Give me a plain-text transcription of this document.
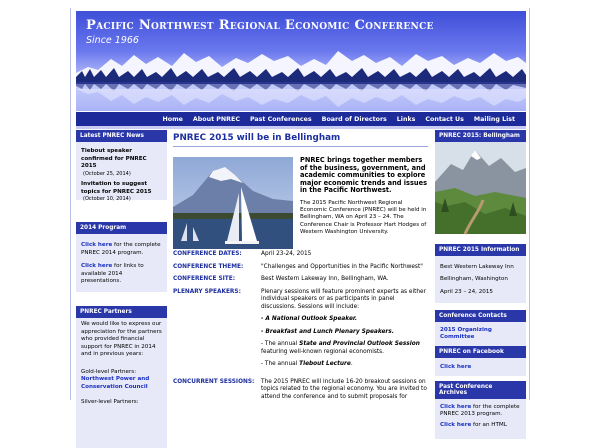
Pacific Northwest Regional Economic Conference
Since 1966
Home	About PNREC	Past Conferences	Board of Directors	Links	Contact Us	Mailing List
Latest PNREC News
Tiebout speaker confirmed for PNREC 2015
(October 25, 2014)
Invitation to suggest topics for PNREC 2015
(October 10, 2014)
2014 Program
Click here for the complete PNREC 2014 program.
Click here for links to available 2014 presentations.
PNREC Partners
We would like to express our appreciation for the partners who provided financial support for PNREC in 2014 and in previous years:
Gold-level Partners:
Northwest Power and Conservation Council
Silver-level Partners:
PNREC 2015 will be in Bellingham
PNREC brings together members of the business, government, and academic communities to explore major economic trends and issues in the Pacific Northwest.

The 2015 Pacific Northwest Regional Economic Conference (PNREC) will be held in Bellingham, WA on April 23 – 24. The Conference Chair is Professor Hart Hodges of Western Washington University.

CONFERENCE DATES:	April 23-24, 2015
CONFERENCE THEME:	"Challenges and Opportunities in the Pacific Northwest"
CONFERENCE SITE:	Best Western Lakeway Inn, Bellingham, WA.
PLENARY SPEAKERS:	Plenary sessions will feature prominent experts as either individual speakers or as participants in panel discussions. Sessions will include:

- A National Outlook Speaker.

- Breakfast and Lunch Plenary Speakers.

- The annual State and Provincial Outlook Session featuring well-known regional economists.

- The annual Tiebout Lecture.

CONCURRENT SESSIONS:	The 2015 PNREC will include 16-20 breakout sessions on topics related to the regional economy. You are invited to attend the conference and to submit proposals for
PNREC 2015: Bellingham
PNREC 2015 Information
Best Western Lakeway Inn
Bellingham, Washington
April 23 – 24, 2015
Conference Contacts
2015 Organizing Committee
PNREC on Facebook
Click here
Past Conference Archives
Click here for the complete PNREC 2013 program.
Click here for an HTML
